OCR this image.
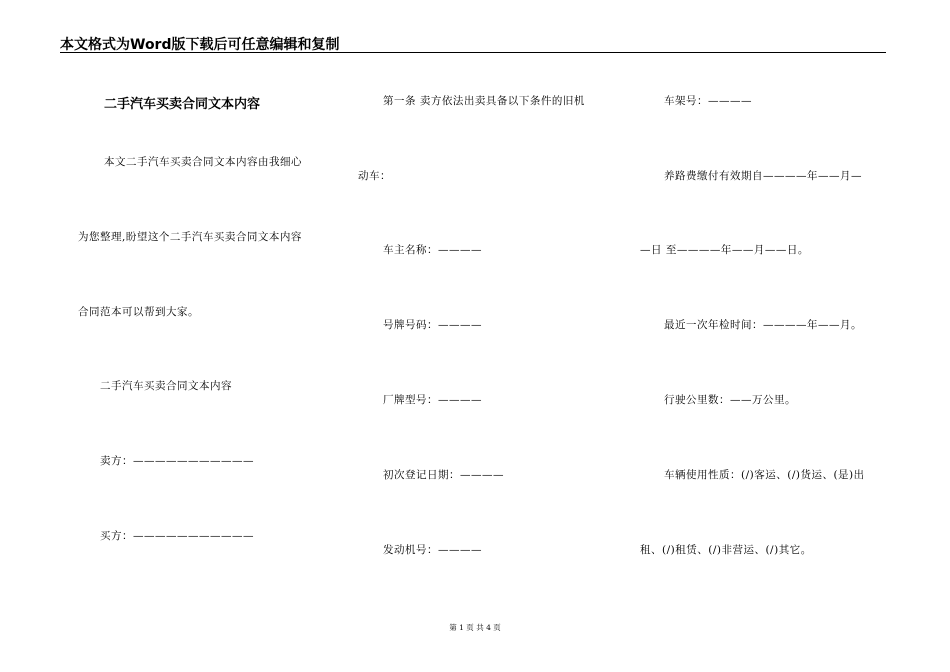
本文格式为Word版下载后可任意编辑和复制
二手汽车买卖合同文本内容
本文二手汽车买卖合同文本内容由我细心
为您整理,盼望这个二手汽车买卖合同文本内容
合同范本可以帮到大家。
二手汽车买卖合同文本内容
卖方：———————————
买方：———————————
第一条 卖方依法出卖具备以下条件的旧机
动车：
车主名称：————
号牌号码：————
厂牌型号：————
初次登记日期：————
发动机号：————
车架号：————
养路费缴付有效期自————年——月—
—日 至————年——月——日。
最近一次年检时间：————年——月。
行驶公里数：——万公里。
车辆使用性质：(/)客运、(/)货运、(是)出
租、(/)租赁、(/)非营运、(/)其它。
第 1 页 共 4 页
